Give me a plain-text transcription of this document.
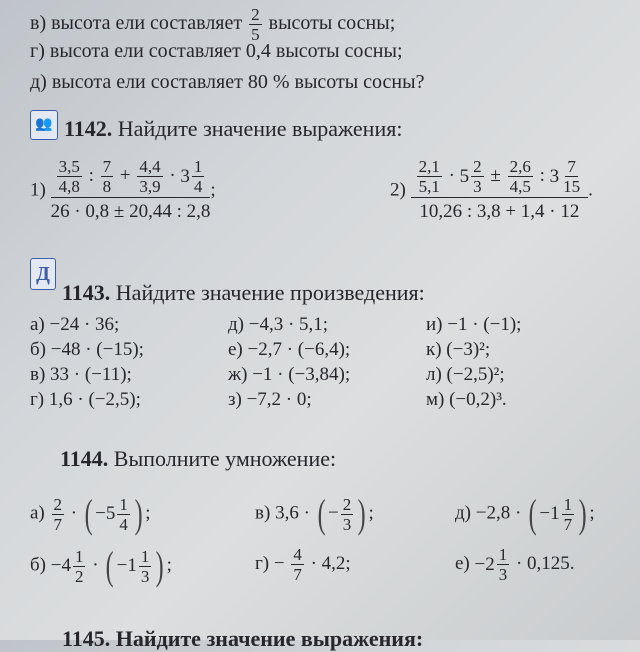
в) высота ели составляет $\frac{2}{5}$ высоты сосны;
г) высота ели составляет 0,4 высоты сосны;
д) высота ели составляет 80 % высоты сосны?
👥 1142. Найдите значение выражения:
$1) \frac{\frac{3,5}{4,8} : \frac{7}{8} + \frac{4,4}{3,9} \cdot 3 \frac{1}{4}}{26 \cdot 0,8 \pm 20,44 : 2,8}$ ;	$2) \frac{\frac{2,1}{5,1} \cdot 5 \frac{2}{3} \pm \frac{2,6}{4,5} : 3 \frac{7}{15}}{10,26 : 3,8 + 1,4 \cdot 12}$ .
Д
1143. Найдите значение произведения:
а) −24 · 36;
б) −48 · (−15);
в) 33 · (−11);
г) 1,6 · (−2,5);
д) −4,3 · 5,1;
е) −2,7 · (−6,4);
ж) −1 · (−3,84);
з) −7,2 · 0;
и) −1 · (−1);
к) (−3)²;
л) (−2,5)²;
м) (−0,2)³.
1144. Выполните умножение:
$а) \frac{2}{7}$ · ( $-5 \frac{1}{4}$ ) ;	в) 3,6 · ( − $\frac{2}{3}$ ) ;	д) −2,8 · ( $-1 \frac{1}{7}$ ) ;
$б) -4 \frac{1}{2}$ · ( $-1 \frac{1}{3}$ ) ;	$г) - \frac{4}{7} \cdot 4,2$;	$е) -2 \frac{1}{3} \cdot 0,125$.
1145. Найдите значение выражения:
